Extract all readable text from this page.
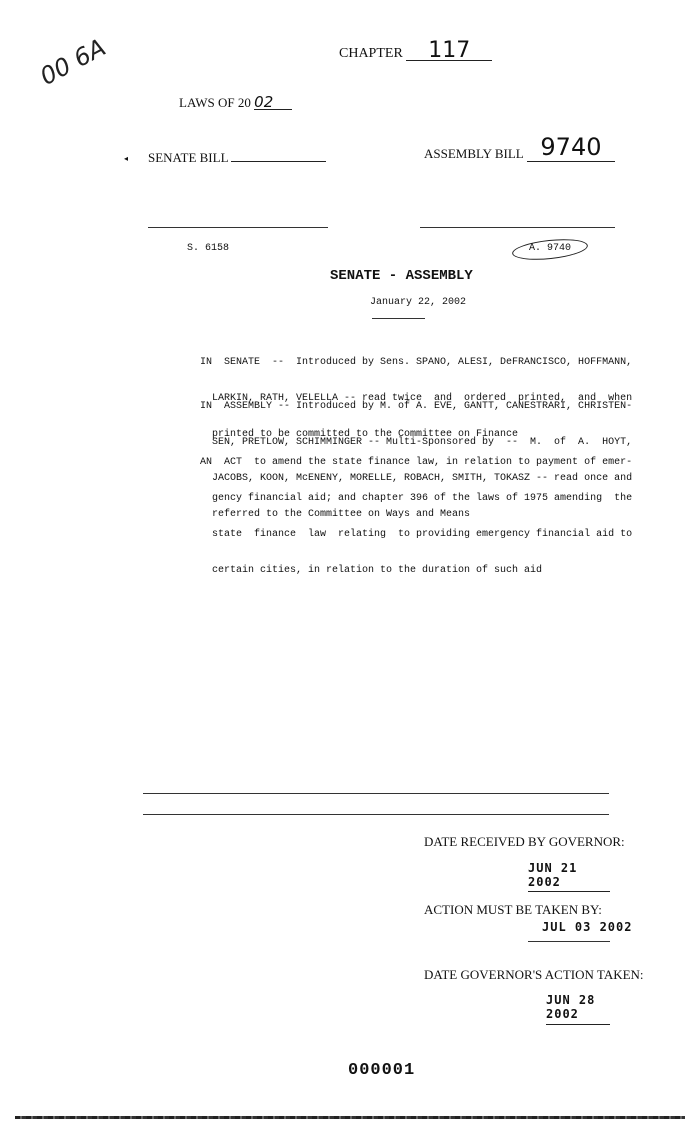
00 6A	CHAPTER 117
LAWS OF 20 02
◂ SENATE BILL	ASSEMBLY BILL 9740
S. 6158	A. 9740
SENATE - ASSEMBLY
January 22, 2002

IN  SENATE  --  Introduced by Sens. SPANO, ALESI, DeFRANCISCO, HOFFMANN,

LARKIN, RATH, VELELLA -- read twice  and  ordered  printed,  and  when

printed to be committed to the Committee on Finance

IN  ASSEMBLY -- Introduced by M. of A. EVE, GANTT, CANESTRARI, CHRISTEN-

SEN, PRETLOW, SCHIMMINGER -- Multi-Sponsored by  --  M.  of  A.  HOYT,

JACOBS, KOON, McENENY, MORELLE, ROBACH, SMITH, TOKASZ -- read once and

referred to the Committee on Ways and Means

AN  ACT  to amend the state finance law, in relation to payment of emer-

gency financial aid; and chapter 396 of the laws of 1975 amending  the

state  finance  law  relating  to providing emergency financial aid to

certain cities, in relation to the duration of such aid

DATE RECEIVED BY GOVERNOR:
JUN 21 2002
ACTION MUST BE TAKEN BY:
JUL 03 2002
DATE GOVERNOR'S ACTION TAKEN:
JUN 28 2002
000001
